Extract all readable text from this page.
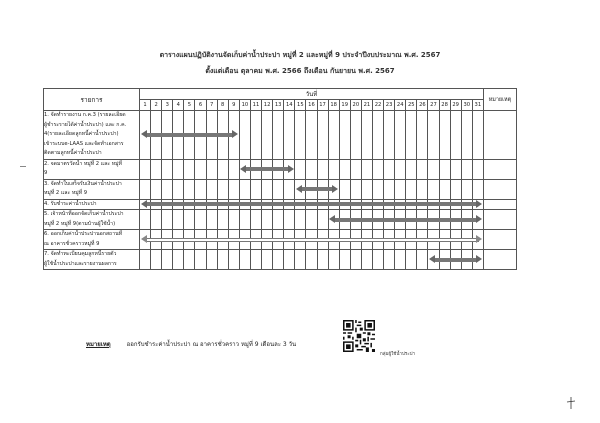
ตารางแผนปฏิบัติงานจัดเก็บค่าน้ำประปา หมู่ที่ 2 และหมู่ที่ 9 ประจำปีงบประมาณ พ.ศ. 2567
ตั้งแต่เดือน ตุลาคม พ.ศ. 2566 ถึงเดือน กันยายน พ.ศ. 2567
รายการ	วันที่																															หมายเหตุ
	1	2	3	4	5	6	7	8	9	10	11	12	13	14	15	16	17	18	19	20	21	22	23	24	25	26	27	28	29	30	31	

1. จัดทำรายงาน ก.ค.3 (รายละเอียด
ผู้ชำระรายได้ค่าน้ำประปา) และ ก.ค.
4(รายละเอียดลูกหนี้ค่าน้ำประปา)
เข้าระบบe-LAAS และจัดทำเอกสาร
ติดตามลูกหนี้ค่าน้ำประปา																																

2. จดมาตรวัดน้ำ หมู่ที่ 2 และ หมู่ที่
9																																

3. จัดทำใบเสร็จรับเงินค่าน้ำประปา
หมู่ที่ 2 และ หมู่ที่ 9																																

4. รับชำระค่าน้ำประปา																																

5. เจ้าหน้าที่ออกจัดเก็บค่าน้ำประปา
หมู่ที่ 2 หมู่ที่ 9(ตามบ้านผู้ใช้น้ำ)																																

6. ออกเก็บค่าน้ำประปานอกสถานที่
ณ อาคารชั่วคราวหมู่ที่ 9																																

7. จัดทำทะเบียนคุมลูกหนี้รายตัว
ผู้ใช้น้ำประปาและรายงานผลการ																																

หมายเหตุ	ออกรับชำระค่าน้ำประปา ณ อาคารชั่วคราว หมู่ที่ 9 เดือนละ 3 วัน
กลุ่มผู้ใช้น้ำประปา
